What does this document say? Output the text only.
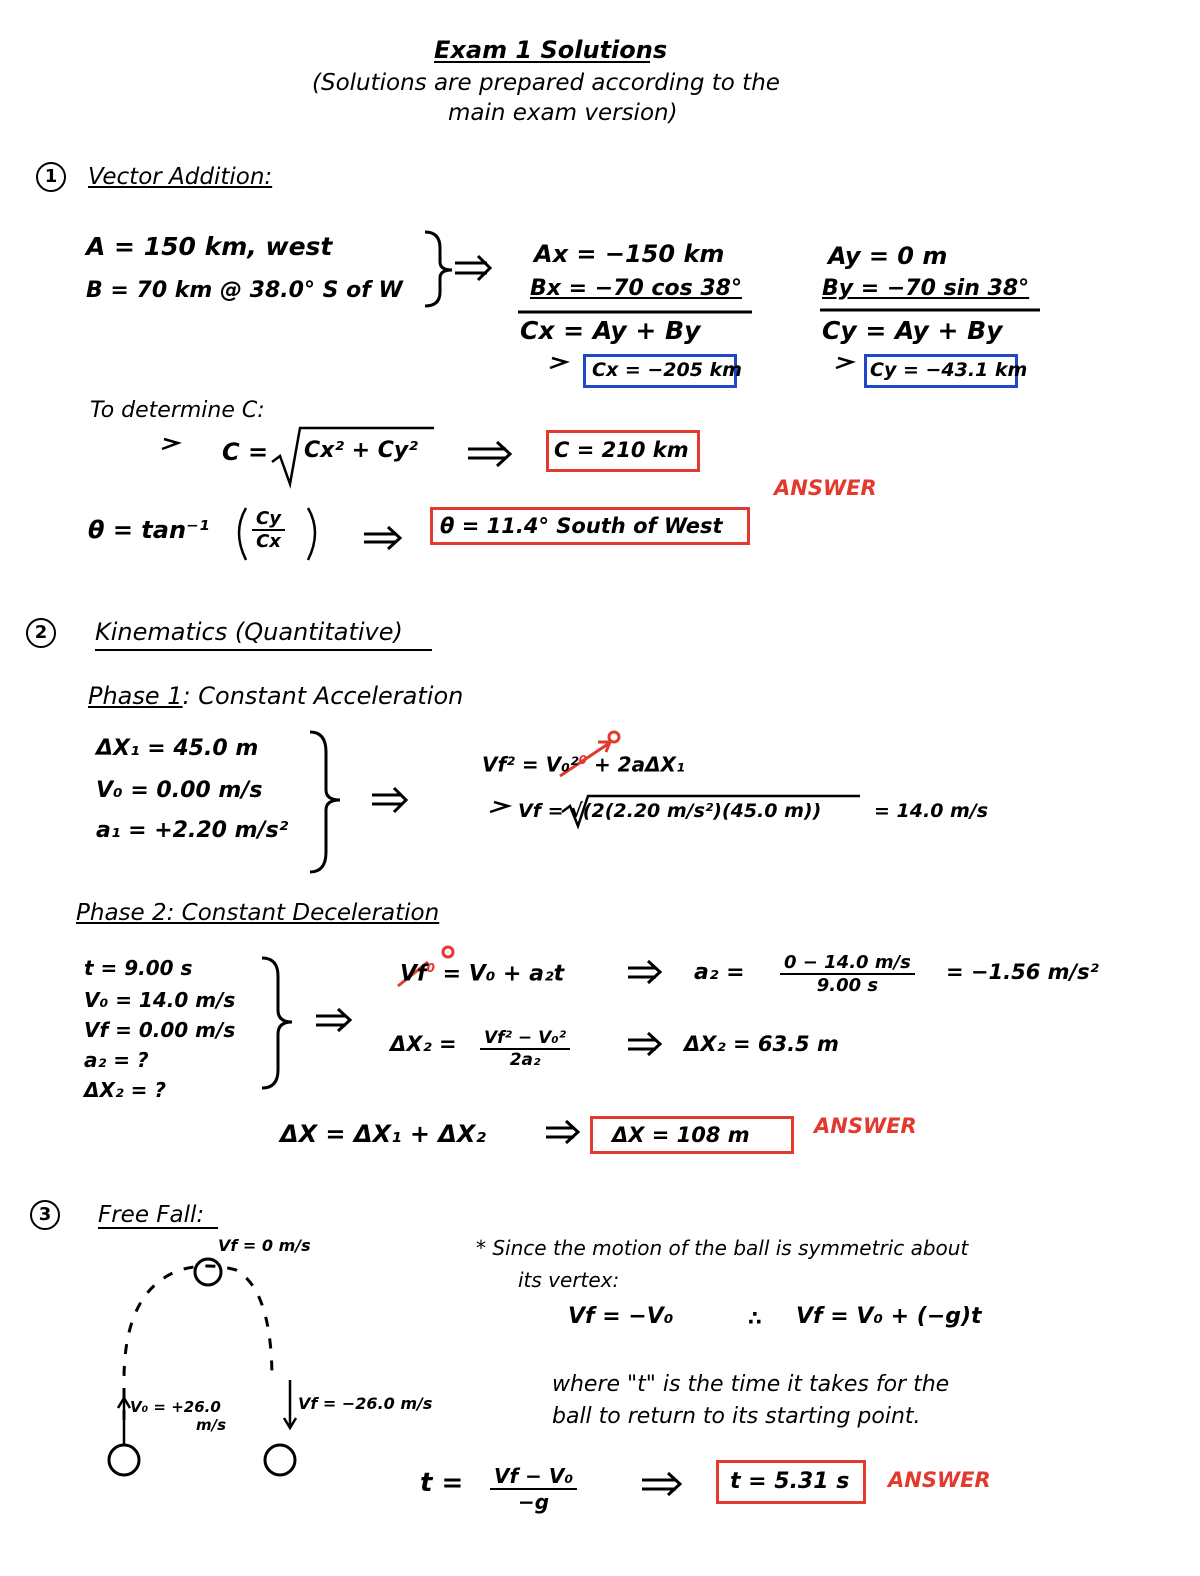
Exam 1 Solutions
(Solutions are prepared according to the
main exam version)
1	Vector Addition:
A = 150 km, west
B = 70 km @ 38.0° S of W
Ax = −150 km
Bx = −70 cos 38°
Cx = Ay + By
Cx = −205 km
Ay = 0 m
By = −70 sin 38°
Cy = Ay + By
Cy = −43.1 km
To determine C:
C = Cx² + Cy²	C = 210 km
ANSWER
$\theta = \tan^{-1} \frac{Cy}{Cx}$	θ = 11.4° South of West
2	Kinematics (Quantitative)
Phase 1: Constant Acceleration
ΔX₁ = 45.0 m
V₀ = 0.00 m/s
a₁ = +2.20 m/s²
Vf² = V₀²$^0$ + 2aΔX₁
Vf = √(2(2.20 m/s²)(45.0 m))	= 14.0 m/s
Phase 2: Constant Deceleration
t = 9.00 s
V₀ = 14.0 m/s
Vf = 0.00 m/s
a₂ = ?
ΔX₂ = ?
$Vf^0 = V_0 + a_2t$	$a_2 = \frac{0 - 14.0 m/s}{9.00 s} = -1.56$ m/s²
$\Delta X_2 = \frac{\text{Vf² − V₀²}}{\text{2a₂}}$	ΔX₂ = 63.5 m
ΔX = ΔX₁ + ΔX₂	ΔX = 108 m	ANSWER
3	Free Fall:
Vf = 0 m/s
V₀ = +26.0
m/s
Vf = −26.0 m/s
* Since the motion of the ball is symmetric about
its vertex:
Vf = −V₀	∴ Vf = V₀ + (−g)t
where "t" is the time it takes for the
ball to return to its starting point.
$t = \frac{\text{Vf − V₀}}{-g}$	t = 5.31 s ANSWER
